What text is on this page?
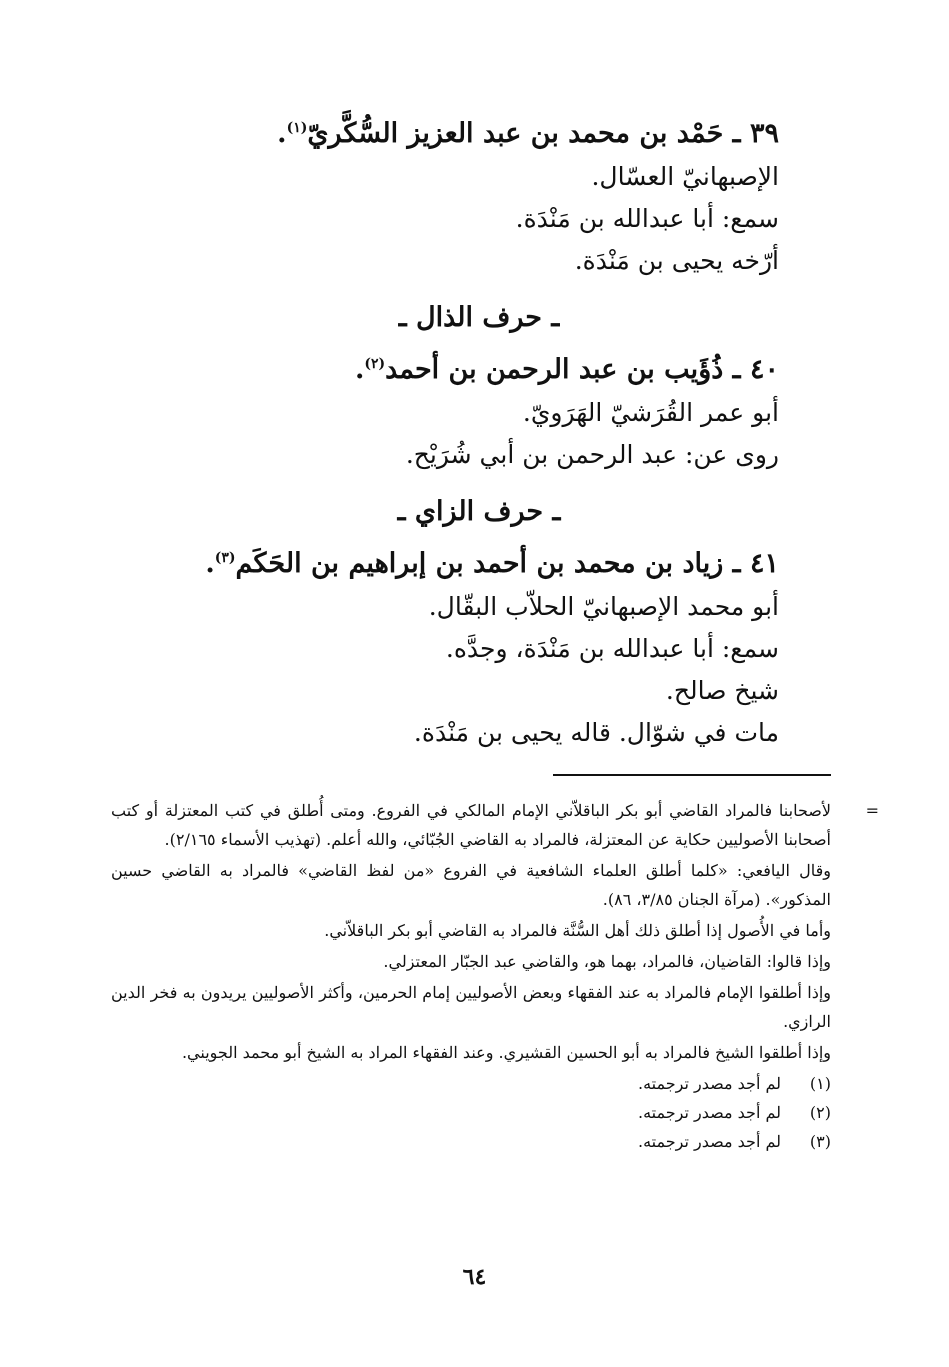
٣٩ ـ حَمْد بن محمد بن عبد العزيز السُّكَّريّ$^{(١)}$.

الإصبهانيّ العسّال.

سمع: أبا عبدالله بن مَنْدَة.

أرّخه يحيى بن مَنْدَة.

ـ حرف الذال ـ

٤٠ ـ ذُؤَيب بن عبد الرحمن بن أحمد$^{(٢)}$.

أبو عمر القُرَشيّ الهَرَويّ.

روى عن: عبد الرحمن بن أبي شُرَيْح.

ـ حرف الزاي ـ

٤١ ـ زياد بن محمد بن أحمد بن إبراهيم بن الحَكَم$^{(٣)}$.

أبو محمد الإصبهانيّ الحلاّب البقّال.

سمع: أبا عبدالله بن مَنْدَة، وجدَّه.

شيخ صالح.

مات في شوّال. قاله يحيى بن مَنْدَة.

=
لأصحابنا فالمراد القاضي أبو بكر الباقلاّني الإمام المالكي في الفروع. ومتى أُطلق في كتب المعتزلة أو كتب أصحابنا الأصوليين حكاية عن المعتزلة، فالمراد به القاضي الجُبّائي، والله أعلم. (تهذيب الأسماء ٢/١٦٥).

وقال اليافعي: «كلما أطلق العلماء الشافعية في الفروع «من لفظ القاضي» فالمراد به القاضي حسين المذكور». (مرآة الجنان ٣/٨٥، ٨٦).

وأما في الأُصول إذا أطلق ذلك أهل السُّنَّة فالمراد به القاضي أبو بكر الباقلاّني.

وإذا قالوا: القاضيان، فالمراد، بهما هو، والقاضي عبد الجبّار المعتزلي.

وإذا أطلقوا الإمام فالمراد به عند الفقهاء وبعض الأصوليين إمام الحرمين، وأكثر الأصوليين يريدون به فخر الدين الرازي.

وإذا أطلقوا الشيخ فالمراد به أبو الحسين القشيري. وعند الفقهاء المراد به الشيخ أبو محمد الجويني.

(١)لم أجد مصدر ترجمته.

(٢)لم أجد مصدر ترجمته.

(٣)لم أجد مصدر ترجمته.

٦٤
